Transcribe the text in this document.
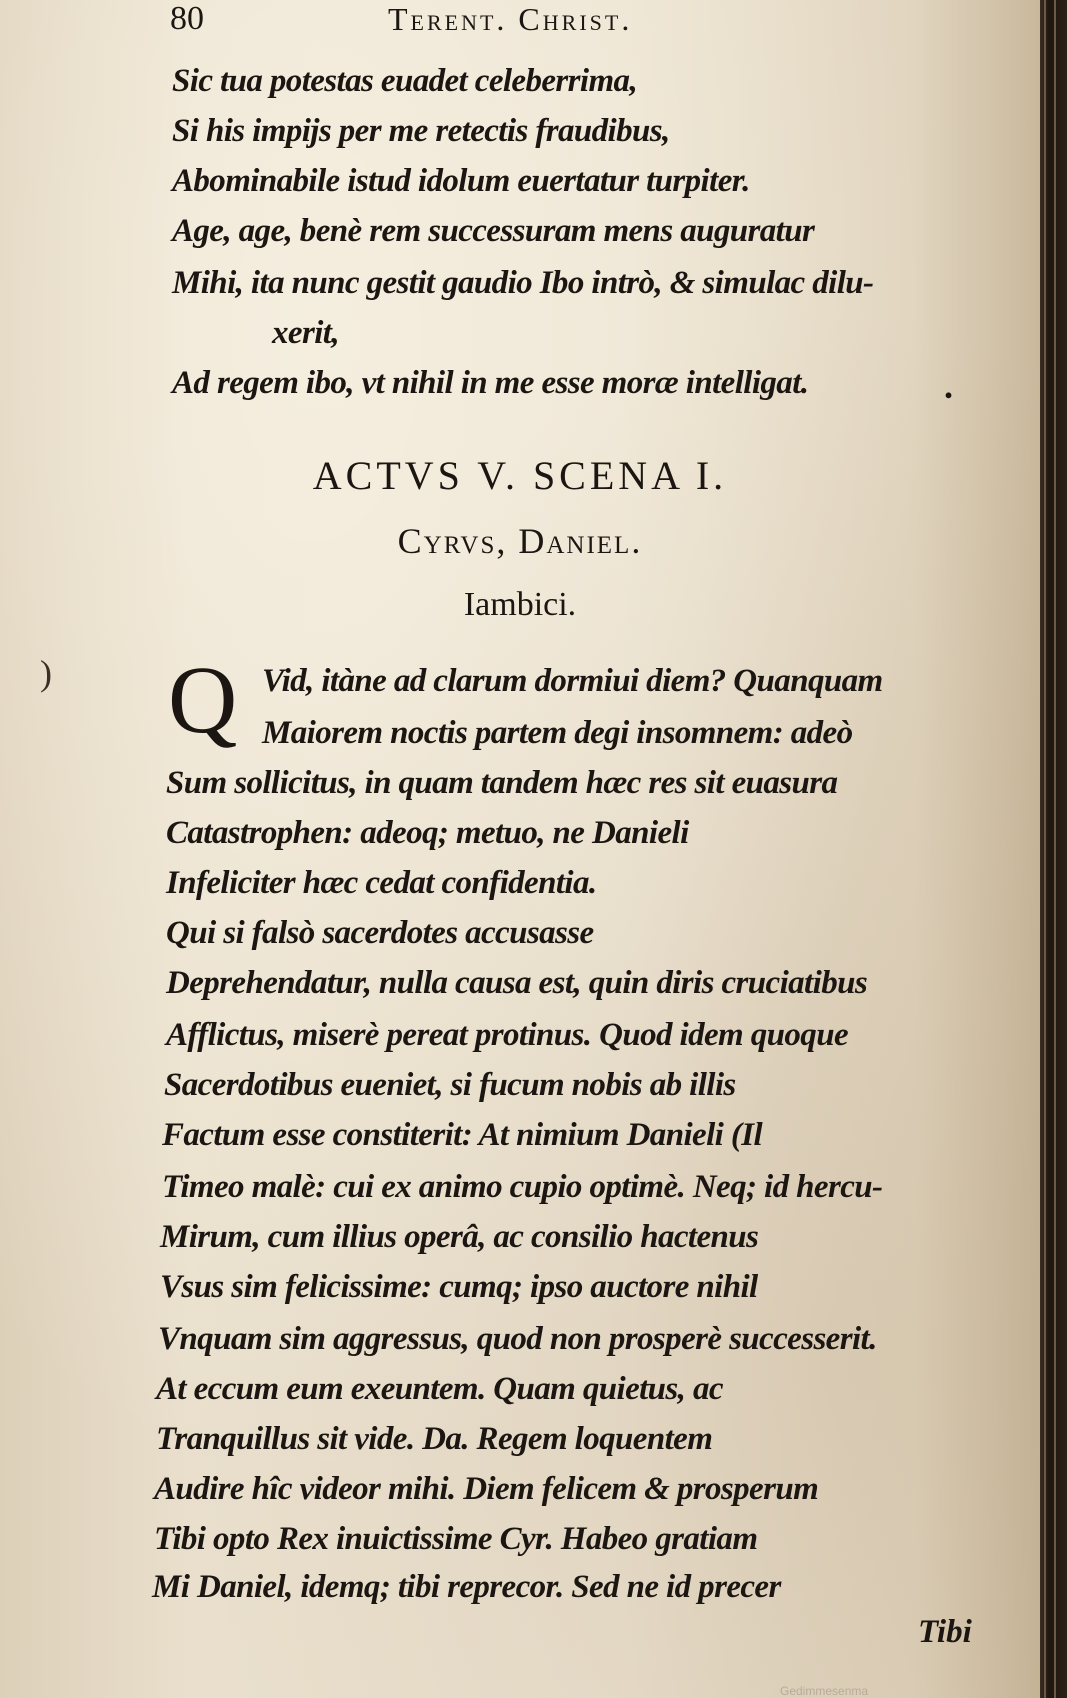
80	Terent. Christ.
Sic tua potestas euadet celeberrima,
Si his impijs per me retectis fraudibus,
Abominabile istud idolum euertatur turpiter.
Age, age, benè rem successuram mens auguratur
Mihi, ita nunc gestit gaudio Ibo intrò, & simulac dilu-
xerit,
Ad regem ibo, vt nihil in me esse moræ intelligat.	.
ACTVS V. SCENA I.
Cyrvs, Daniel.
Iambici.
) Q Vid, itàne ad clarum dormiui diem? Quanquam
Maiorem noctis partem degi insomnem: adeò
Sum sollicitus, in quam tandem hæc res sit euasura
Catastrophen: adeoq; metuo, ne Danieli
Infeliciter hæc cedat confidentia.
Qui si falsò sacerdotes accusasse
Deprehendatur, nulla causa est, quin diris cruciatibus
Afflictus, miserè pereat protinus. Quod idem quoque
Sacerdotibus eueniet, si fucum nobis ab illis
Factum esse constiterit: At nimium Danieli (Il
Timeo malè: cui ex animo cupio optimè. Neq; id hercu-
Mirum, cum illius operâ, ac consilio hactenus
Vsus sim felicissime: cumq; ipso auctore nihil
Vnquam sim aggressus, quod non prosperè successerit.
At eccum eum exeuntem. Quam quietus, ac
Tranquillus sit vide. Da. Regem loquentem
Audire hîc videor mihi. Diem felicem & prosperum
Tibi opto Rex inuictissime Cyr. Habeo gratiam
Mi Daniel, idemq; tibi reprecor. Sed ne id precer
Tibi
Gedimmesenma
